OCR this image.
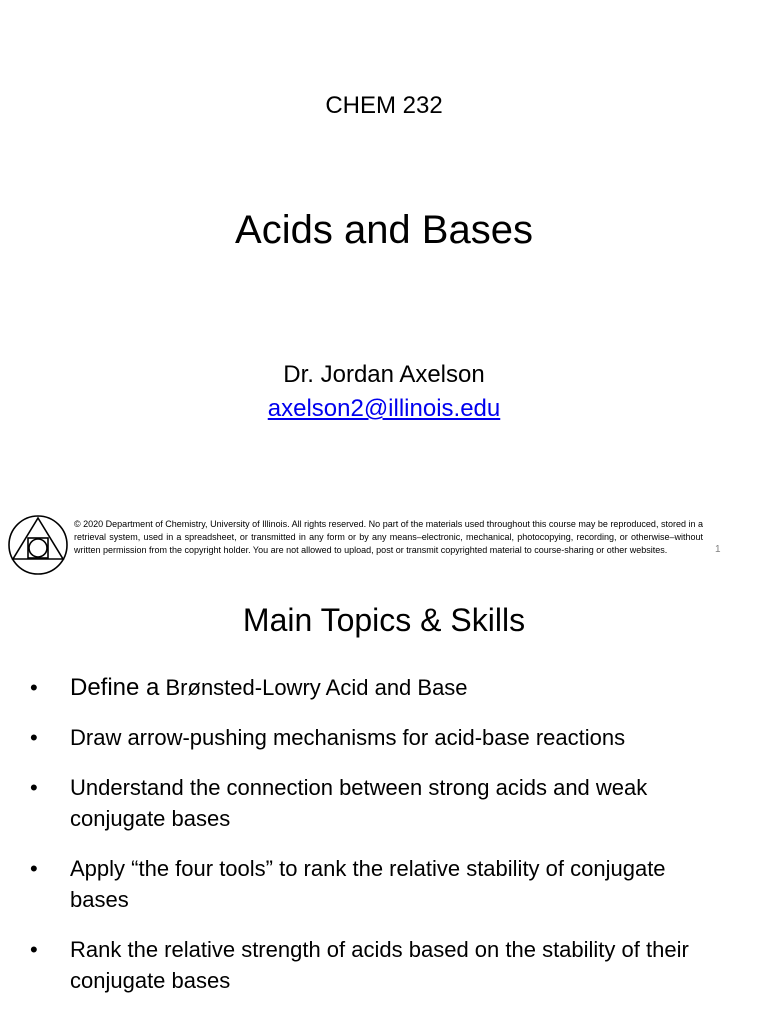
CHEM 232
Acids and Bases
Dr. Jordan Axelson
axelson2@illinois.edu
© 2020 Department of Chemistry, University of Illinois. All rights reserved. No part of the materials used throughout this course may be reproduced, stored in a retrieval system, used in a spreadsheet, or transmitted in any form or by any means–electronic, mechanical, photocopying, recording, or otherwise–without written permission from the copyright holder. You are not allowed to upload, post or transmit copyrighted material to course-sharing or other websites.	1
Main Topics & Skills
• Define a Brønsted-Lowry Acid and Base
• Draw arrow-pushing mechanisms for acid-base reactions
• Understand the connection between strong acids and weak conjugate bases
• Apply “the four tools” to rank the relative stability of conjugate bases
• Rank the relative strength of acids based on the stability of their conjugate bases
